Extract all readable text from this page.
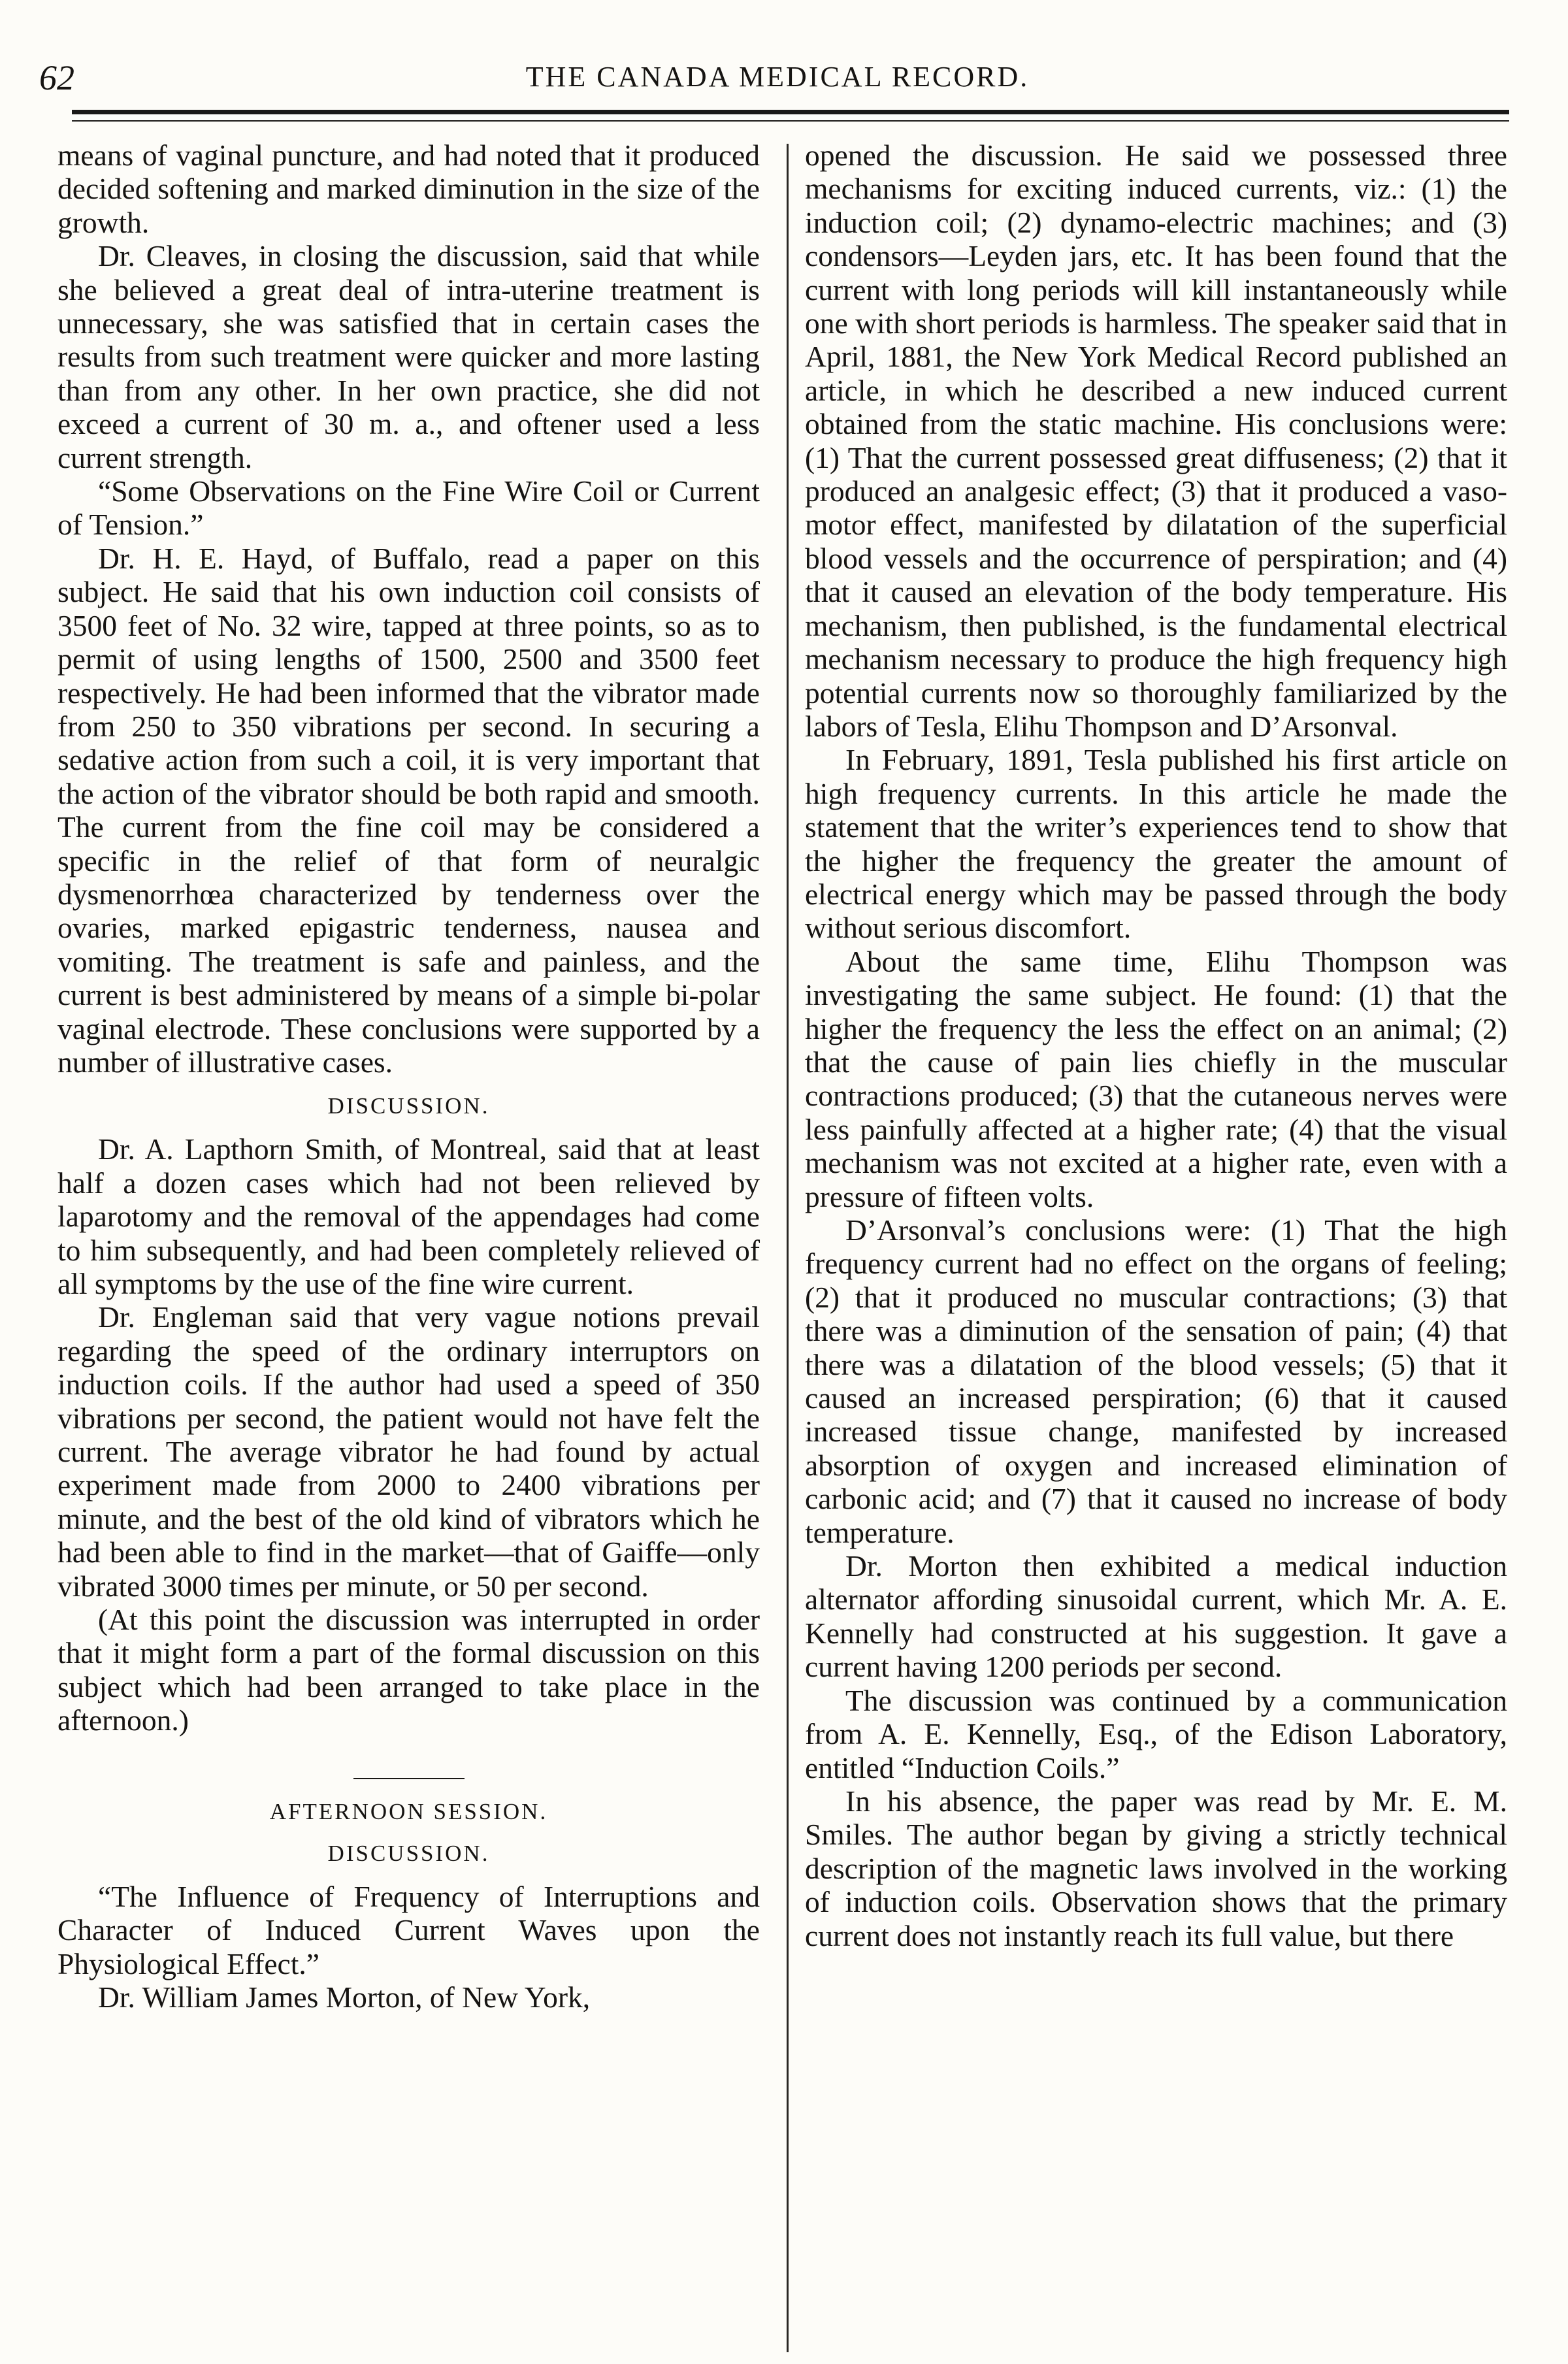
62	THE CANADA MEDICAL RECORD.

means of vaginal puncture, and had noted that it produced decided softening and marked diminution in the size of the growth.

Dr. Cleaves, in closing the discussion, said that while she believed a great deal of intra-uterine treatment is unnecessary, she was satisfied that in certain cases the results from such treatment were quicker and more lasting than from any other. In her own practice, she did not exceed a current of 30 m. a., and oftener used a less current strength.

“Some Observations on the Fine Wire Coil or Current of Tension.”

Dr. H. E. Hayd, of Buffalo, read a paper on this subject. He said that his own induction coil consists of 3500 feet of No. 32 wire, tapped at three points, so as to permit of using lengths of 1500, 2500 and 3500 feet respectively. He had been informed that the vibrator made from 250 to 350 vibrations per second. In securing a sedative action from such a coil, it is very important that the action of the vibrator should be both rapid and smooth. The current from the fine coil may be considered a specific in the relief of that form of neuralgic dysmenorrhœa characterized by tenderness over the ovaries, marked epigastric tenderness, nausea and vomiting. The treatment is safe and painless, and the current is best administered by means of a simple bi-polar vaginal electrode. These conclusions were supported by a number of illustrative cases.

DISCUSSION.

Dr. A. Lapthorn Smith, of Montreal, said that at least half a dozen cases which had not been relieved by laparotomy and the removal of the appendages had come to him subsequently, and had been completely relieved of all symptoms by the use of the fine wire current.

Dr. Engleman said that very vague notions prevail regarding the speed of the ordinary interruptors on induction coils. If the author had used a speed of 350 vibrations per second, the patient would not have felt the current. The average vibrator he had found by actual experiment made from 2000 to 2400 vibrations per minute, and the best of the old kind of vibrators which he had been able to find in the market—that of Gaiffe—only vibrated 3000 times per minute, or 50 per second.

(At this point the discussion was interrupted in order that it might form a part of the formal discussion on this subject which had been arranged to take place in the afternoon.)

AFTERNOON SESSION.
DISCUSSION.

“The Influence of Frequency of Interruptions and Character of Induced Current Waves upon the Physiological Effect.”

Dr. William James Morton, of New York,

opened the discussion. He said we possessed three mechanisms for exciting induced currents, viz.: (1) the induction coil; (2) dynamo-electric machines; and (3) condensors—Leyden jars, etc. It has been found that the current with long periods will kill instantaneously while one with short periods is harmless. The speaker said that in April, 1881, the New York Medical Record published an article, in which he described a new induced current obtained from the static machine. His conclusions were: (1) That the current possessed great diffuseness; (2) that it produced an analgesic effect; (3) that it produced a vaso-motor effect, manifested by dilatation of the superficial blood vessels and the occurrence of perspiration; and (4) that it caused an elevation of the body temperature. His mechanism, then published, is the fundamental electrical mechanism necessary to produce the high frequency high potential currents now so thoroughly familiarized by the labors of Tesla, Elihu Thompson and D’Arsonval.

In February, 1891, Tesla published his first article on high frequency currents. In this article he made the statement that the writer’s experiences tend to show that the higher the frequency the greater the amount of electrical energy which may be passed through the body without serious discomfort.

About the same time, Elihu Thompson was investigating the same subject. He found: (1) that the higher the frequency the less the effect on an animal; (2) that the cause of pain lies chiefly in the muscular contractions produced; (3) that the cutaneous nerves were less painfully affected at a higher rate; (4) that the visual mechanism was not excited at a higher rate, even with a pressure of fifteen volts.

D’Arsonval’s conclusions were: (1) That the high frequency current had no effect on the organs of feeling; (2) that it produced no muscular contractions; (3) that there was a diminution of the sensation of pain; (4) that there was a dilatation of the blood vessels; (5) that it caused an increased perspiration; (6) that it caused increased tissue change, manifested by increased absorption of oxygen and increased elimination of carbonic acid; and (7) that it caused no increase of body temperature.

Dr. Morton then exhibited a medical induction alternator affording sinusoidal current, which Mr. A. E. Kennelly had constructed at his suggestion. It gave a current having 1200 periods per second.

The discussion was continued by a communication from A. E. Kennelly, Esq., of the Edison Laboratory, entitled “Induction Coils.”

In his absence, the paper was read by Mr. E. M. Smiles. The author began by giving a strictly technical description of the magnetic laws involved in the working of induction coils. Observation shows that the primary current does not instantly reach its full value, but there
